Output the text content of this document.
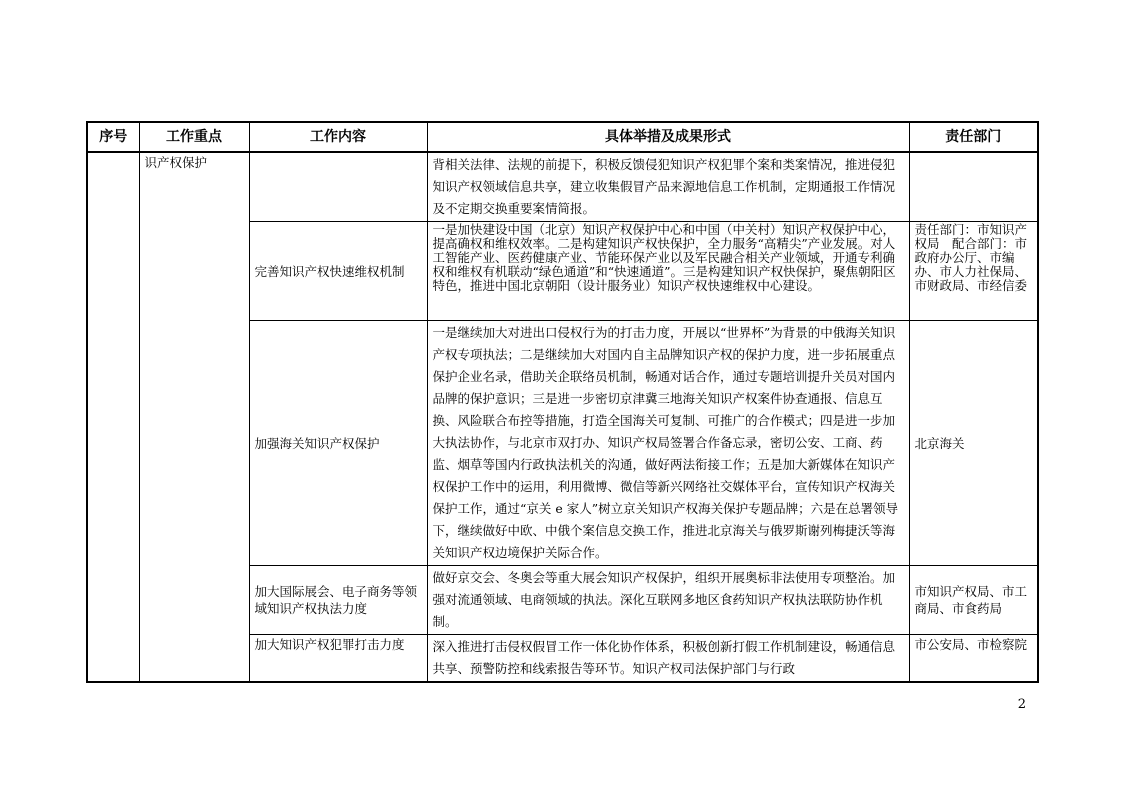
序号	工作重点	工作内容	具体举措及成果形式	责任部门
	识产权保护		背相关法律、法规的前提下，积极反馈侵犯知识产权犯罪个案和类案情况，推进侵犯知识产权领域信息共享，建立收集假冒产品来源地信息工作机制，定期通报工作情况及不定期交换重要案情简报。	
		完善知识产权快速维权机制	一是加快建设中国（北京）知识产权保护中心和中国（中关村）知识产权保护中心，提高确权和维权效率。二是构建知识产权快保护，全力服务“高精尖”产业发展。对人工智能产业、医药健康产业、节能环保产业以及军民融合相关产业领域，开通专利确权和维权有机联动“绿色通道”和“快速通道”。三是构建知识产权快保护，聚焦朝阳区特色，推进中国北京朝阳（设计服务业）知识产权快速维权中心建设。	责任部门：市知识产权局　配合部门：市政府办公厅、市编办、市人力社保局、市财政局、市经信委
		加强海关知识产权保护	一是继续加大对进出口侵权行为的打击力度，开展以“世界杯”为背景的中俄海关知识产权专项执法；二是继续加大对国内自主品牌知识产权的保护力度，进一步拓展重点保护企业名录，借助关企联络员机制，畅通对话合作，通过专题培训提升关员对国内品牌的保护意识；三是进一步密切京津冀三地海关知识产权案件协查通报、信息互换、风险联合布控等措施，打造全国海关可复制、可推广的合作模式；四是进一步加大执法协作，与北京市双打办、知识产权局签署合作备忘录，密切公安、工商、药监、烟草等国内行政执法机关的沟通，做好两法衔接工作；五是加大新媒体在知识产权保护工作中的运用，利用微博、微信等新兴网络社交媒体平台，宣传知识产权海关保护工作，通过“京关 e 家人”树立京关知识产权海关保护专题品牌；六是在总署领导下，继续做好中欧、中俄个案信息交换工作，推进北京海关与俄罗斯谢列梅捷沃等海关知识产权边境保护关际合作。	北京海关
		加大国际展会、电子商务等领域知识产权执法力度	做好京交会、冬奥会等重大展会知识产权保护，组织开展奥标非法使用专项整治。加强对流通领域、电商领域的执法。深化互联网多地区食药知识产权执法联防协作机制。	市知识产权局、市工商局、市食药局
		加大知识产权犯罪打击力度	深入推进打击侵权假冒工作一体化协作体系，积极创新打假工作机制建设，畅通信息共享、预警防控和线索报告等环节。知识产权司法保护部门与行政	市公安局、市检察院
2
